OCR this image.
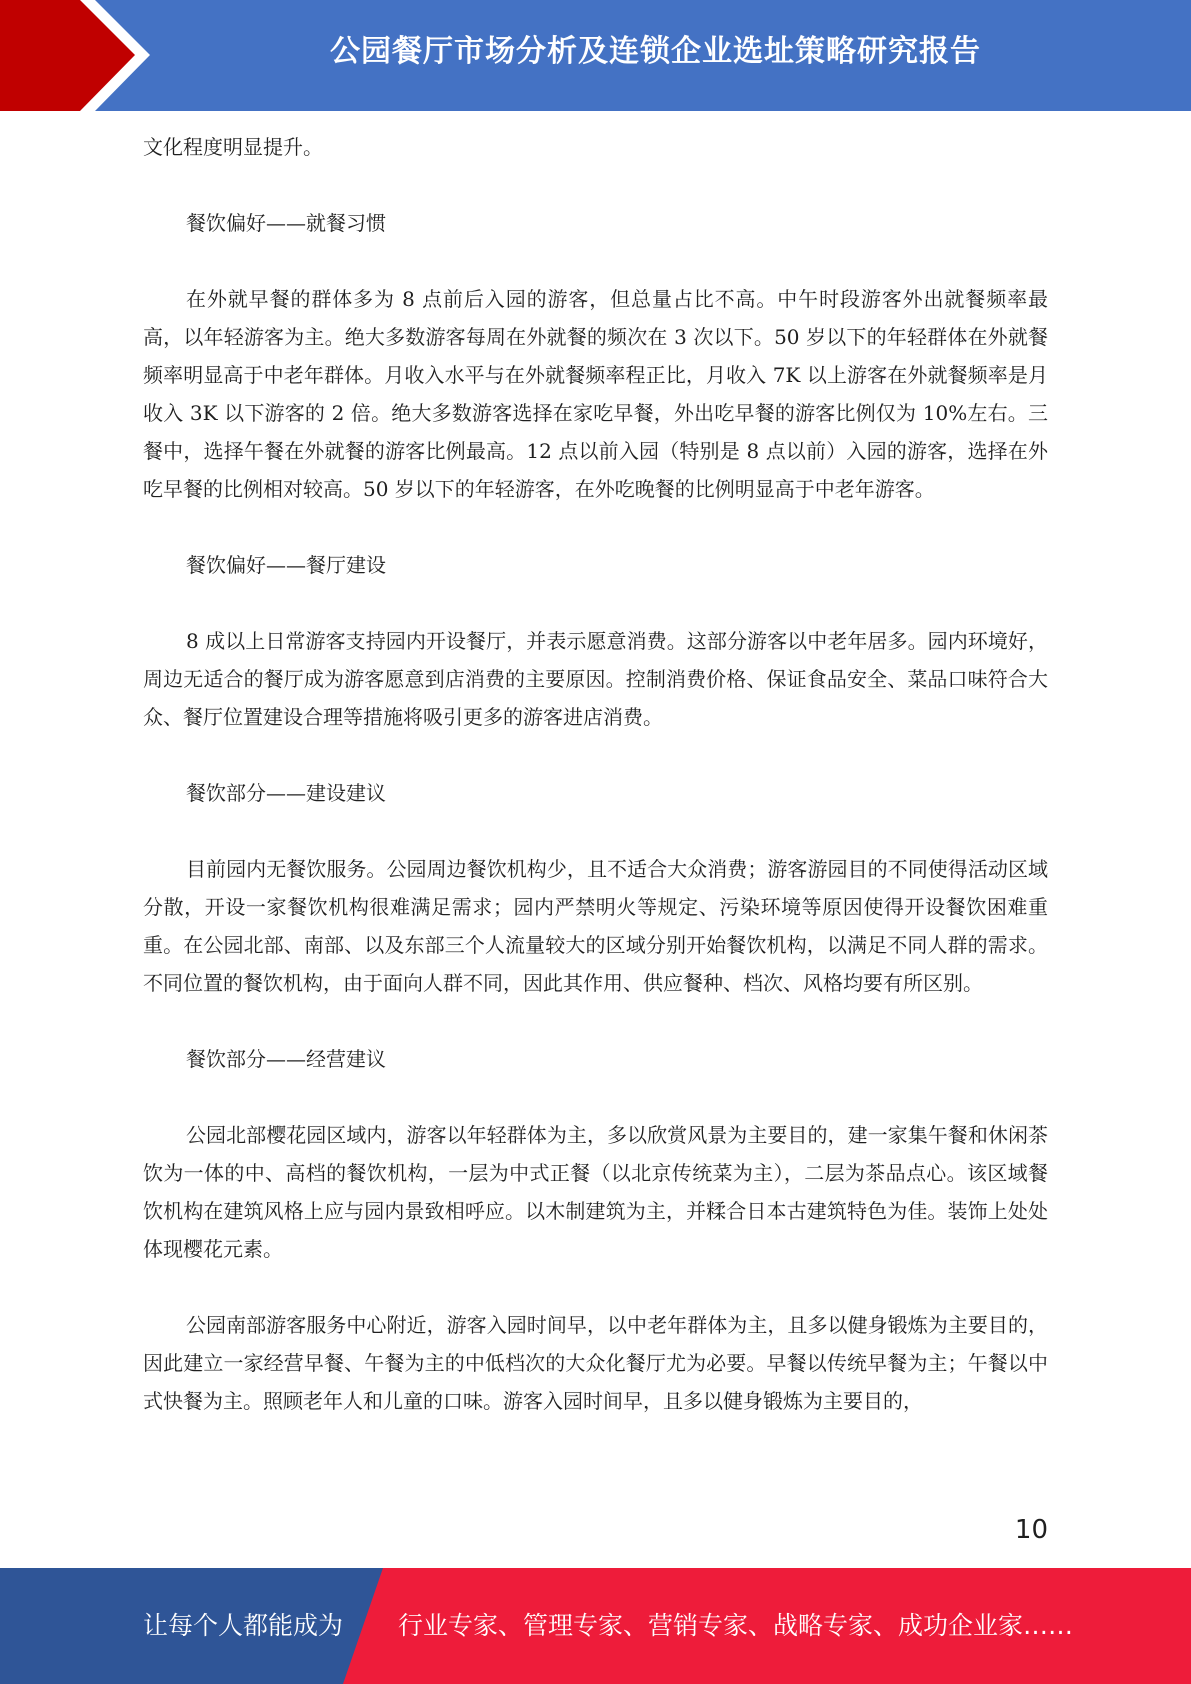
公园餐厅市场分析及连锁企业选址策略研究报告

文化程度明显提升。

餐饮偏好——就餐习惯

在外就早餐的群体多为 8 点前后入园的游客，但总量占比不高。中午时段游客外出就餐频率最高，以年轻游客为主。绝大多数游客每周在外就餐的频次在 3 次以下。50 岁以下的年轻群体在外就餐频率明显高于中老年群体。月收入水平与在外就餐频率程正比，月收入 7K 以上游客在外就餐频率是月收入 3K 以下游客的 2 倍。绝大多数游客选择在家吃早餐，外出吃早餐的游客比例仅为 10%左右。三餐中，选择午餐在外就餐的游客比例最高。12 点以前入园（特别是 8 点以前）入园的游客，选择在外吃早餐的比例相对较高。50 岁以下的年轻游客，在外吃晚餐的比例明显高于中老年游客。

餐饮偏好——餐厅建设

8 成以上日常游客支持园内开设餐厅，并表示愿意消费。这部分游客以中老年居多。园内环境好，周边无适合的餐厅成为游客愿意到店消费的主要原因。控制消费价格、保证食品安全、菜品口味符合大众、餐厅位置建设合理等措施将吸引更多的游客进店消费。

餐饮部分——建设建议

目前园内无餐饮服务。公园周边餐饮机构少，且不适合大众消费；游客游园目的不同使得活动区域分散，开设一家餐饮机构很难满足需求；园内严禁明火等规定、污染环境等原因使得开设餐饮困难重重。在公园北部、南部、以及东部三个人流量较大的区域分别开始餐饮机构，以满足不同人群的需求。不同位置的餐饮机构，由于面向人群不同，因此其作用、供应餐种、档次、风格均要有所区别。

餐饮部分——经营建议

公园北部樱花园区域内，游客以年轻群体为主，多以欣赏风景为主要目的，建一家集午餐和休闲茶饮为一体的中、高档的餐饮机构，一层为中式正餐（以北京传统菜为主），二层为茶品点心。该区域餐饮机构在建筑风格上应与园内景致相呼应。以木制建筑为主，并糅合日本古建筑特色为佳。装饰上处处体现樱花元素。

公园南部游客服务中心附近，游客入园时间早，以中老年群体为主，且多以健身锻炼为主要目的，因此建立一家经营早餐、午餐为主的中低档次的大众化餐厅尤为必要。早餐以传统早餐为主；午餐以中式快餐为主。照顾老年人和儿童的口味。游客入园时间早，且多以健身锻炼为主要目的，

10
让每个人都能成为 行业专家、管理专家、营销专家、战略专家、成功企业家……
